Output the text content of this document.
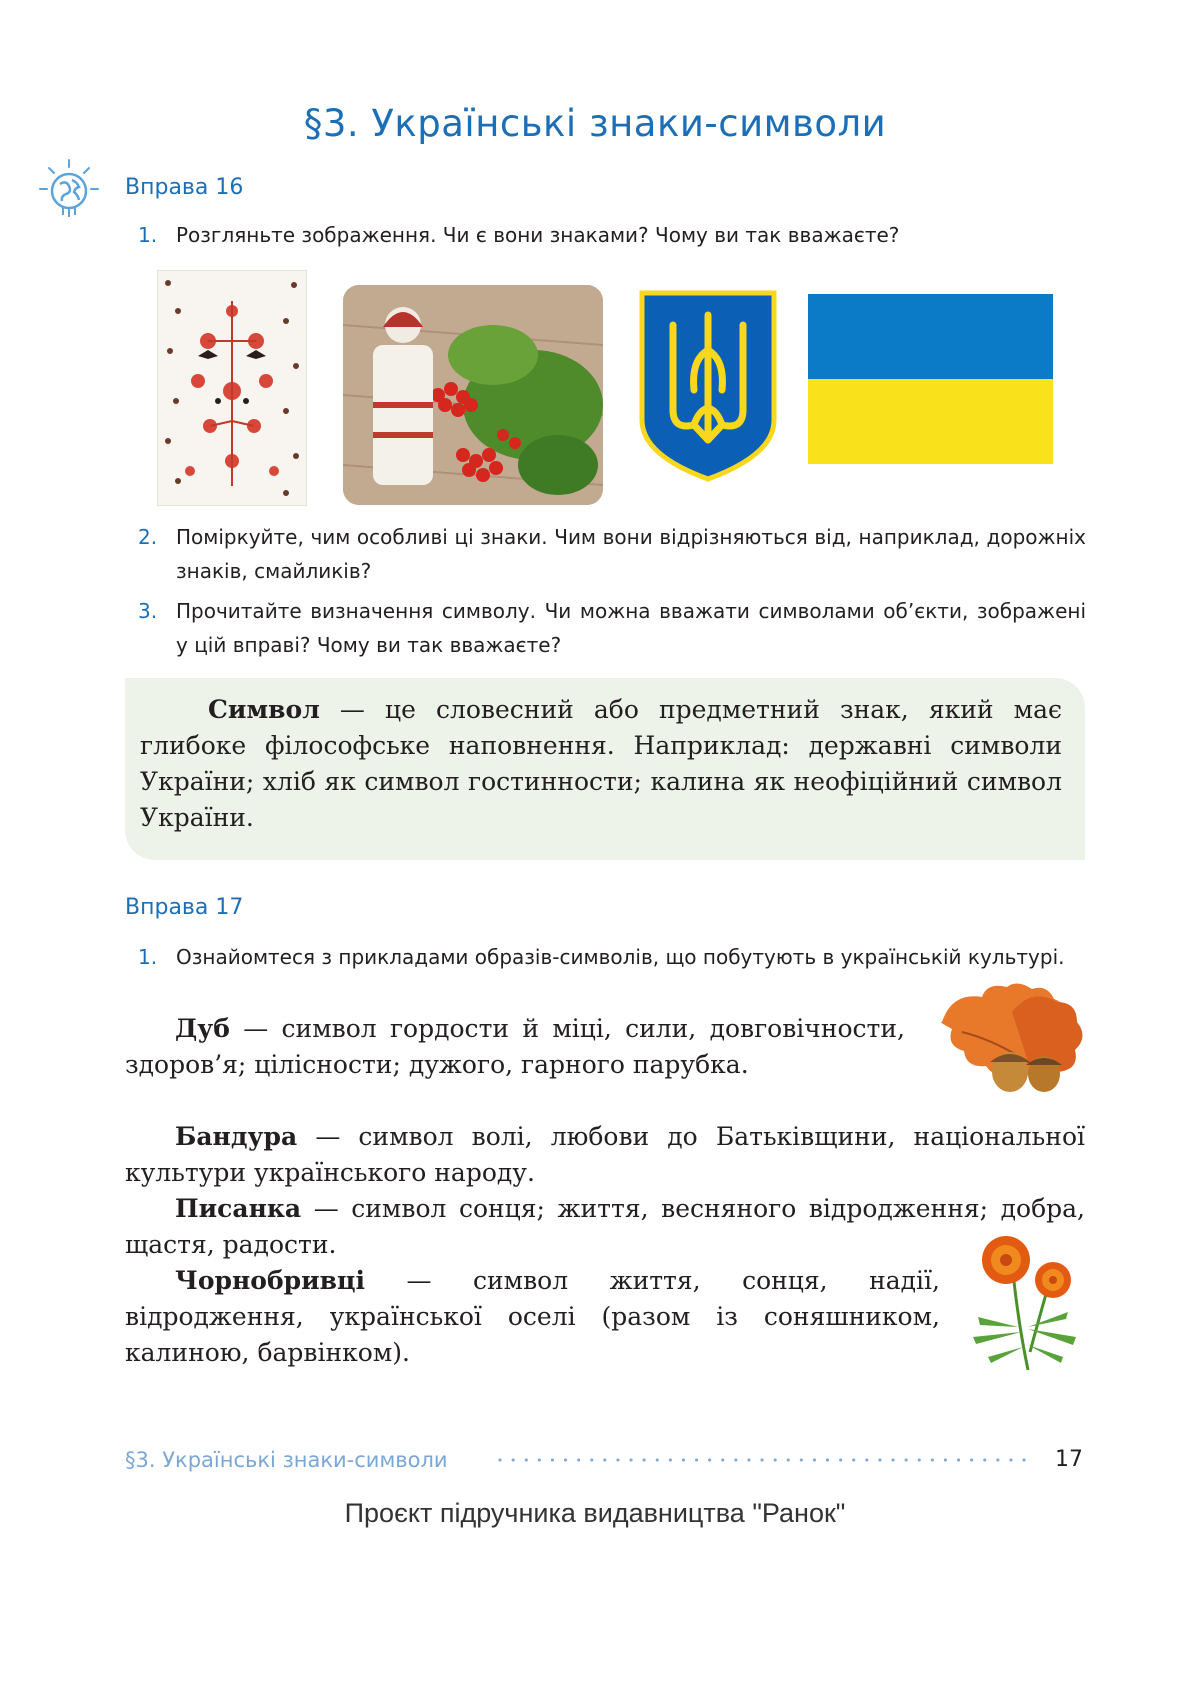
§3. Українські знаки-символи
Вправа 16
1. Розгляньте зображення. Чи є вони знаками? Чому ви так вважаєте?
2. Поміркуйте, чим особливі ці знаки. Чим вони відрізняються від, наприклад, дорожніх знаків, смайликів?
3. Прочитайте визначення символу. Чи можна вважати символами об’єкти, зображені у цій вправі? Чому ви так вважаєте?
Символ — це словесний або предметний знак, який має глибоке філософське наповнення. Наприклад: державні символи України; хліб як символ гостинности; калина як неофіційний символ України.
Вправа 17
1. Ознайомтеся з прикладами образів-символів, що побутують в українській культурі.
Дуб — символ гордости й міці, сили, довговічности, здоров’я; цілісности; дужого, гарного парубка.
Бандура — символ волі, любови до Батьківщини, національної культури українського народу.
Писанка — символ сонця; життя, весняного відродження; добра, щастя, радости.
Чорнобривці — символ життя, сонця, надії, відродження, української оселі (разом із соняшником, калиною, барвінком).
§3. Українські знаки-символи	17
Проєкт підручника видавництва "Ранок"
